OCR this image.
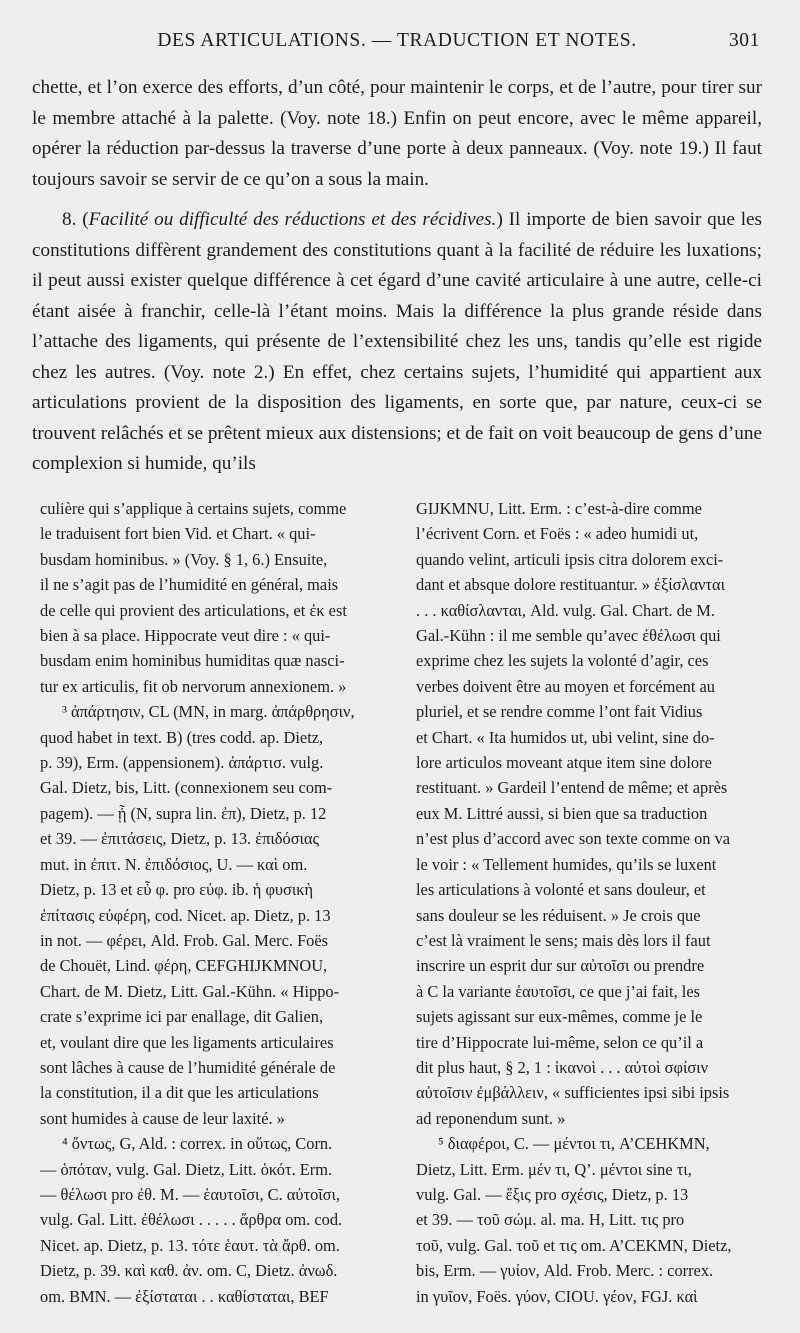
DES ARTICULATIONS. — TRADUCTION ET NOTES.	301

chette, et l’on exerce des efforts, d’un côté, pour maintenir le corps, et de l’autre, pour tirer sur le membre attaché à la palette. (Voy. note 18.) Enfin on peut encore, avec le même appareil, opérer la réduction par-dessus la traverse d’une porte à deux panneaux. (Voy. note 19.) Il faut toujours savoir se servir de ce qu’on a sous la main.

8. (Facilité ou difficulté des réductions et des récidives.) Il importe de bien savoir que les constitutions diffèrent grandement des constitutions quant à la facilité de réduire les luxations; il peut aussi exister quelque différence à cet égard d’une cavité articulaire à une autre, celle-ci étant aisée à franchir, celle-là l’étant moins. Mais la différence la plus grande réside dans l’attache des ligaments, qui présente de l’extensibilité chez les uns, tandis qu’elle est rigide chez les autres. (Voy. note 2.) En effet, chez certains sujets, l’humidité qui appartient aux articulations provient de la disposition des ligaments, en sorte que, par nature, ceux-ci se trouvent relâchés et se prêtent mieux aux distensions; et de fait on voit beaucoup de gens d’une complexion si humide, qu’ils

culière qui s’applique à certains sujets, comme
le traduisent fort bien Vid. et Chart. « qui-
busdam hominibus. » (Voy. § 1, 6.) Ensuite,
il ne s’agit pas de l’humidité en général, mais
de celle qui provient des articulations, et ἐκ est
bien à sa place. Hippocrate veut dire : « qui-
busdam enim hominibus humiditas quæ nasci-
tur ex articulis, fit ob nervorum annexionem. »
³ ἀπάρτησιν, CL (MN, in marg. ἀπάρθρησιν,
quod habet in text. B) (tres codd. ap. Dietz,
p. 39), Erm. (appensionem). ἀπάρτισ. vulg.
Gal. Dietz, bis, Litt. (connexionem seu com-
pagem). — ᾗ (N, supra lin. ἐπ), Dietz, p. 12
et 39. — ἐπιτάσεις, Dietz, p. 13. ἐπιδόσιας
mut. in ἐπιτ. N. ἐπιδόσιος, U. — καὶ om.
Dietz, p. 13 et εὖ φ. pro εὐφ. ib. ἡ φυσικὴ
ἐπίτασις εὐφέρη, cod. Nicet. ap. Dietz, p. 13
in not. — φέρει, Ald. Frob. Gal. Merc. Foës
de Chouët, Lind. φέρη, CEFGHIJKMNOU,
Chart. de M. Dietz, Litt. Gal.-Kühn. « Hippo-
crate s’exprime ici par enallage, dit Galien,
et, voulant dire que les ligaments articulaires
sont lâches à cause de l’humidité générale de
la constitution, il a dit que les articulations
sont humides à cause de leur laxité. »
⁴ ὄντως, G, Ald. : correx. in οὕτως, Corn.
— ὁπόταν, vulg. Gal. Dietz, Litt. ὁκότ. Erm.
— θέλωσι pro ἐθ. M. — ἑαυτοῖσι, C. αὐτοῖσι,
vulg. Gal. Litt. ἐθέλωσι . . . . . ἄρθρα om. cod.
Nicet. ap. Dietz, p. 13. τότε ἑαυτ. τὰ ἄρθ. om.
Dietz, p. 39. καὶ καθ. ἀν. om. C, Dietz. ἀνωδ.
om. BMN. — ἐξίσταται . . καθίσταται, BEF
GIJKMNU, Litt. Erm. : c’est-à-dire comme
l’écrivent Corn. et Foës : « adeo humidi ut,
quando velint, articuli ipsis citra dolorem exci-
dant et absque dolore restituantur. » ἐξίσλανται
. . . καθίσλανται, Ald. vulg. Gal. Chart. de M.
Gal.-Kühn : il me semble qu’avec ἐθέλωσι qui
exprime chez les sujets la volonté d’agir, ces
verbes doivent être au moyen et forcément au
pluriel, et se rendre comme l’ont fait Vidius
et Chart. « Ita humidos ut, ubi velint, sine do-
lore articulos moveant atque item sine dolore
restituant. » Gardeil l’entend de même; et après
eux M. Littré aussi, si bien que sa traduction
n’est plus d’accord avec son texte comme on va
le voir : « Tellement humides, qu’ils se luxent
les articulations à volonté et sans douleur, et
sans douleur se les réduisent. » Je crois que
c’est là vraiment le sens; mais dès lors il faut
inscrire un esprit dur sur αὐτοῖσι ou prendre
à C la variante ἑαυτοῖσι, ce que j’ai fait, les
sujets agissant sur eux-mêmes, comme je le
tire d’Hippocrate lui-même, selon ce qu’il a
dit plus haut, § 2, 1 : ἱκανοὶ . . . αὐτοὶ σφίσιν
αὐτοῖσιν ἐμβάλλειν, « sufficientes ipsi sibi ipsis
ad reponendum sunt. »
⁵ διαφέροι, C. — μέντοι τι, A’CEHKMN,
Dietz, Litt. Erm. μέν τι, Q’. μέντοι sine τι,
vulg. Gal. — ἕξις pro σχέσις, Dietz, p. 13
et 39. — τοῦ σώμ. al. ma. H, Litt. τις pro
τοῦ, vulg. Gal. τοῦ et τις om. A’CEKMN, Dietz,
bis, Erm. — γυίον, Ald. Frob. Merc. : correx.
in γυῖον, Foës. γύον, CIOU. γέον, FGJ. καὶ
